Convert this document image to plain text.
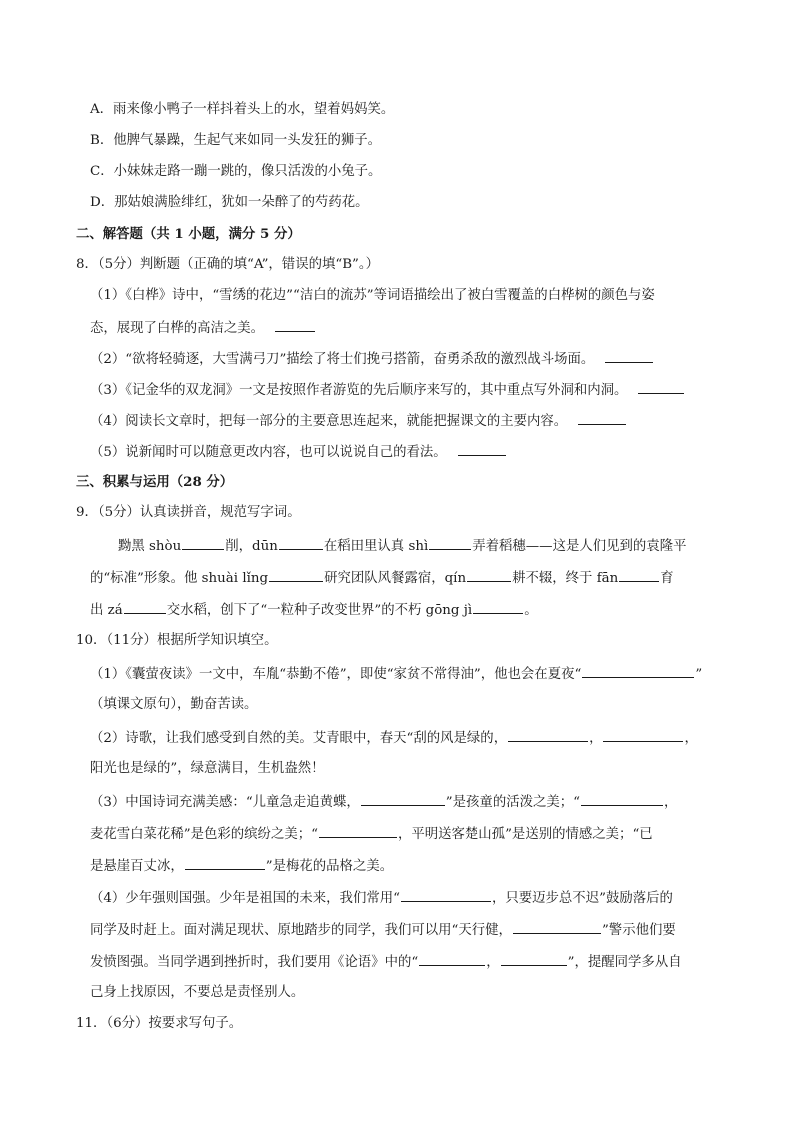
A．雨来像小鸭子一样抖着头上的水，望着妈妈笑。
B．他脾气暴躁，生起气来如同一头发狂的狮子。
C．小妹妹走路一蹦一跳的，像只活泼的小兔子。
D．那姑娘满脸绯红，犹如一朵醉了的芍药花。
二、解答题（共 1 小题，满分 5 分）
8．（5分）判断题（正确的填“A”，错误的填“B”。）
（1）《白桦》诗中，“雪绣的花边”“洁白的流苏”等词语描绘出了被白雪覆盖的白桦树的颜色与姿
态，展现了白桦的高洁之美。
（2）“欲将轻骑逐，大雪满弓刀”描绘了将士们挽弓搭箭，奋勇杀敌的激烈战斗场面。
（3）《记金华的双龙洞》一文是按照作者游览的先后顺序来写的，其中重点写外洞和内洞。
（4）阅读长文章时，把每一部分的主要意思连起来，就能把握课文的主要内容。
（5）说新闻时可以随意更改内容，也可以说说自己的看法。
三、积累与运用（28 分）
9．（5分）认真读拼音，规范写字词。
黝黑 shòu	削，dūn	在稻田里认真 shì	弄着稻穗——这是人们见到的袁隆平
的“标准”形象。他 shuài lǐng	研究团队风餐露宿，qín	耕不辍，终于 fān	育
出 zá	交水稻，创下了“一粒种子改变世界”的不朽 gōng jì	。
10．（11分）根据所学知识填空。
（1）《囊萤夜读》一文中，车胤“恭勤不倦”，即使“家贫不常得油”，他也会在夏夜“	”
（填课文原句），勤奋苦读。
（2）诗歌，让我们感受到自然的美。艾青眼中，春天“刮的风是绿的，	，	，
阳光也是绿的”，绿意满目，生机盎然！
（3）中国诗词充满美感：“儿童急走追黄蝶，	”是孩童的活泼之美；“	，
麦花雪白菜花稀”是色彩的缤纷之美；“	，平明送客楚山孤”是送别的情感之美；“已
是悬崖百丈冰，	”是梅花的品格之美。
（4）少年强则国强。少年是祖国的未来，我们常用“	，只要迈步总不迟”鼓励落后的
同学及时赶上。面对满足现状、原地踏步的同学，我们可以用“天行健，	”警示他们要
发愤图强。当同学遇到挫折时，我们要用《论语》中的“	，	”，提醒同学多从自
己身上找原因，不要总是责怪别人。
11．（6分）按要求写句子。
